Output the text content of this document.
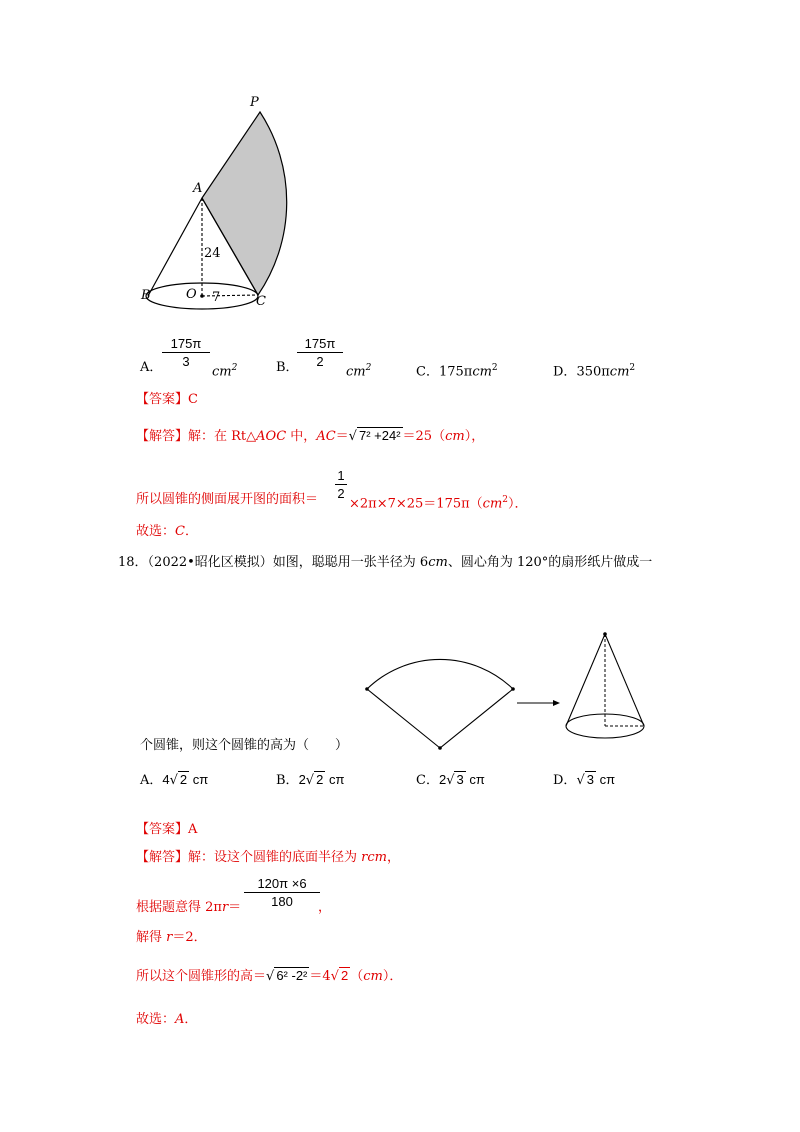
P
A
B	O	C
24
7
A．
175π
3
$cm^2$	B．
175π
2
$cm^2$	C．175πcm$^2$	D．350πcm$^2$
【答案】C
【解答】解：在 Rt△AOC 中，AC＝√ 7² +24² ＝25（cm），
所以圆锥的侧面展开图的面积＝
1
2
$\times 2\pi\times 7\times 25=175\pi(cm^2)$．
故选：C．
18．（2022•昭化区模拟）如图，聪聪用一张半径为 6cm、圆心角为 120°的扇形纸片做成一
个圆锥，则这个圆锥的高为（　　）
A．4√ 2 cπ	B．2√ 2 cπ	C．2√ 3 cπ	D．√ 3 cπ
【答案】A
【解答】解：设这个圆锥的底面半径为 rcm，
根据题意得 2πr＝
120π ×6
180	，
解得 r＝2．
所以这个圆锥形的高＝√ 6² -2² ＝4√ 2 （cm）．
故选：A．
